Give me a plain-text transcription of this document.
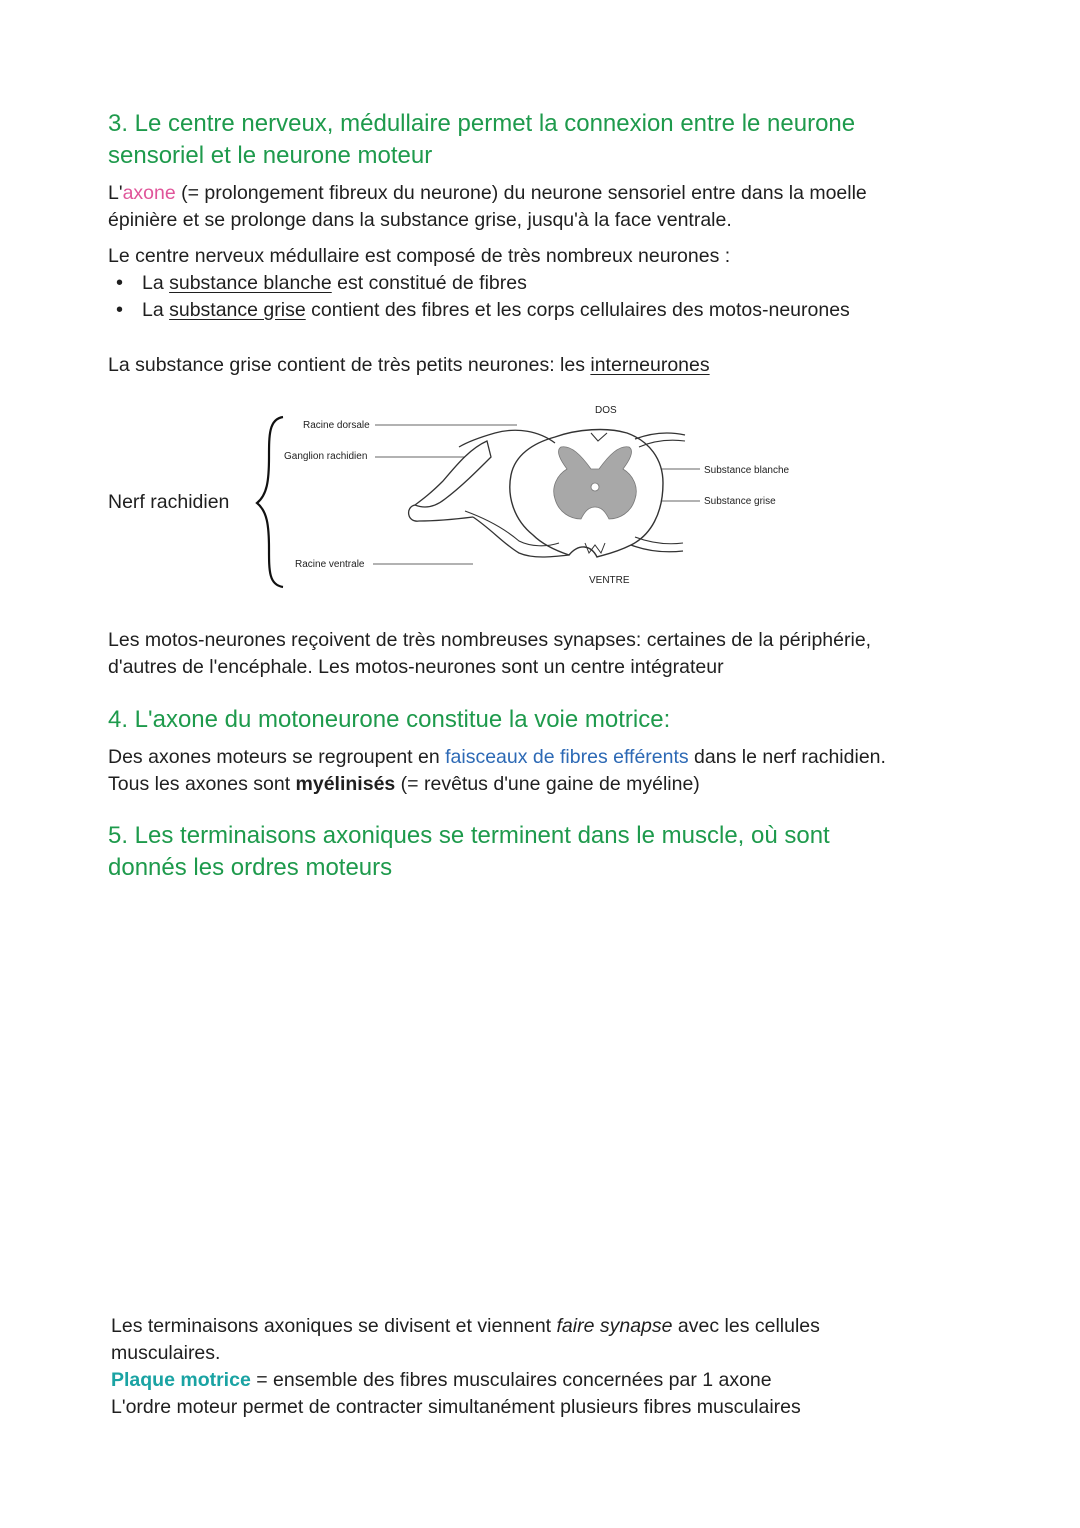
3. Le centre nerveux, médullaire permet la connexion entre le neurone
sensoriel et le neurone moteur
L'axone (= prolongement fibreux du neurone) du neurone sensoriel entre dans la moelle
épinière et se prolonge dans la substance grise, jusqu'à la face ventrale.
Le centre nerveux médullaire est composé de très nombreux neurones :
• La substance blanche est constitué de fibres
• La substance grise contient des fibres et les corps cellulaires des motos-neurones
La substance grise contient de très petits neurones: les interneurones
Nerf rachidien
Racine dorsale
Ganglion rachidien
Racine ventrale
DOS
VENTRE
Substance blanche
Substance grise
Les motos-neurones reçoivent de très nombreuses synapses: certaines de la périphérie,
d'autres de l'encéphale. Les motos-neurones sont un centre intégrateur
4. L'axone du motoneurone constitue la voie motrice:
Des axones moteurs se regroupent en faisceaux de fibres efférents dans le nerf rachidien.
Tous les axones sont myélinisés (= revêtus d'une gaine de myéline)
5. Les terminaisons axoniques se terminent dans le muscle, où sont
donnés les ordres moteurs
Les terminaisons axoniques se divisent et viennent faire synapse avec les cellules
musculaires.
Plaque motrice = ensemble des fibres musculaires concernées par 1 axone
L'ordre moteur permet de contracter simultanément plusieurs fibres musculaires
